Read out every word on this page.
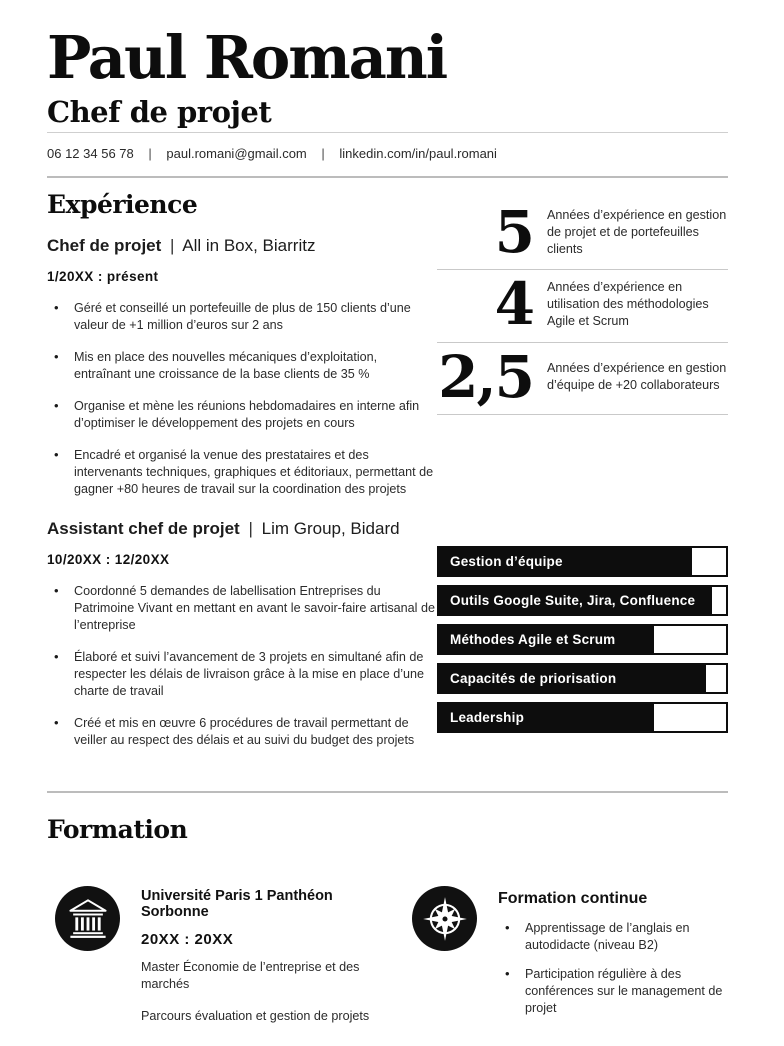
Paul Romani
Chef de projet
06 12 34 56 78 | paul.romani@gmail.com | linkedin.com/in/paul.romani
Expérience
Chef de projet | All in Box, Biarritz
1/20XX : présent
• Géré et conseillé un portefeuille de plus de 150 clients d’une valeur de +1 million d’euros sur 2 ans
• Mis en place des nouvelles mécaniques d’exploitation, entraînant une croissance de la base clients de 35 %
• Organise et mène les réunions hebdomadaires en interne afin d’optimiser le développement des projets en cours
• Encadré et organisé la venue des prestataires et des intervenants techniques, graphiques et éditoriaux, permettant de gagner +80 heures de travail sur la coordination des projets
Assistant chef de projet | Lim Group, Bidard
10/20XX : 12/20XX
• Coordonné 5 demandes de labellisation Entreprises du Patrimoine Vivant en mettant en avant le savoir-faire artisanal de l’entreprise
• Élaboré et suivi l’avancement de 3 projets en simultané afin de respecter les délais de livraison grâce à la mise en place d’une charte de travail
• Créé et mis en œuvre 6 procédures de travail permettant de veiller au respect des délais et au suivi du budget des projets
5 Années d’expérience en gestion de projet et de portefeuilles clients
4 Années d’expérience en utilisation des méthodologies Agile et Scrum
2,5 Années d’expérience en gestion d’équipe de +20 collaborateurs
Gestion d’équipe
Outils Google Suite, Jira, Confluence
Méthodes Agile et Scrum
Capacités de priorisation
Leadership
Formation
Université Paris 1 Panthéon Sorbonne
20XX : 20XX
Master Économie de l’entreprise et des marchés
Parcours évaluation et gestion de projets
Formation continue
• Apprentissage de l’anglais en autodidacte (niveau B2)
• Participation régulière à des conférences sur le management de projet
